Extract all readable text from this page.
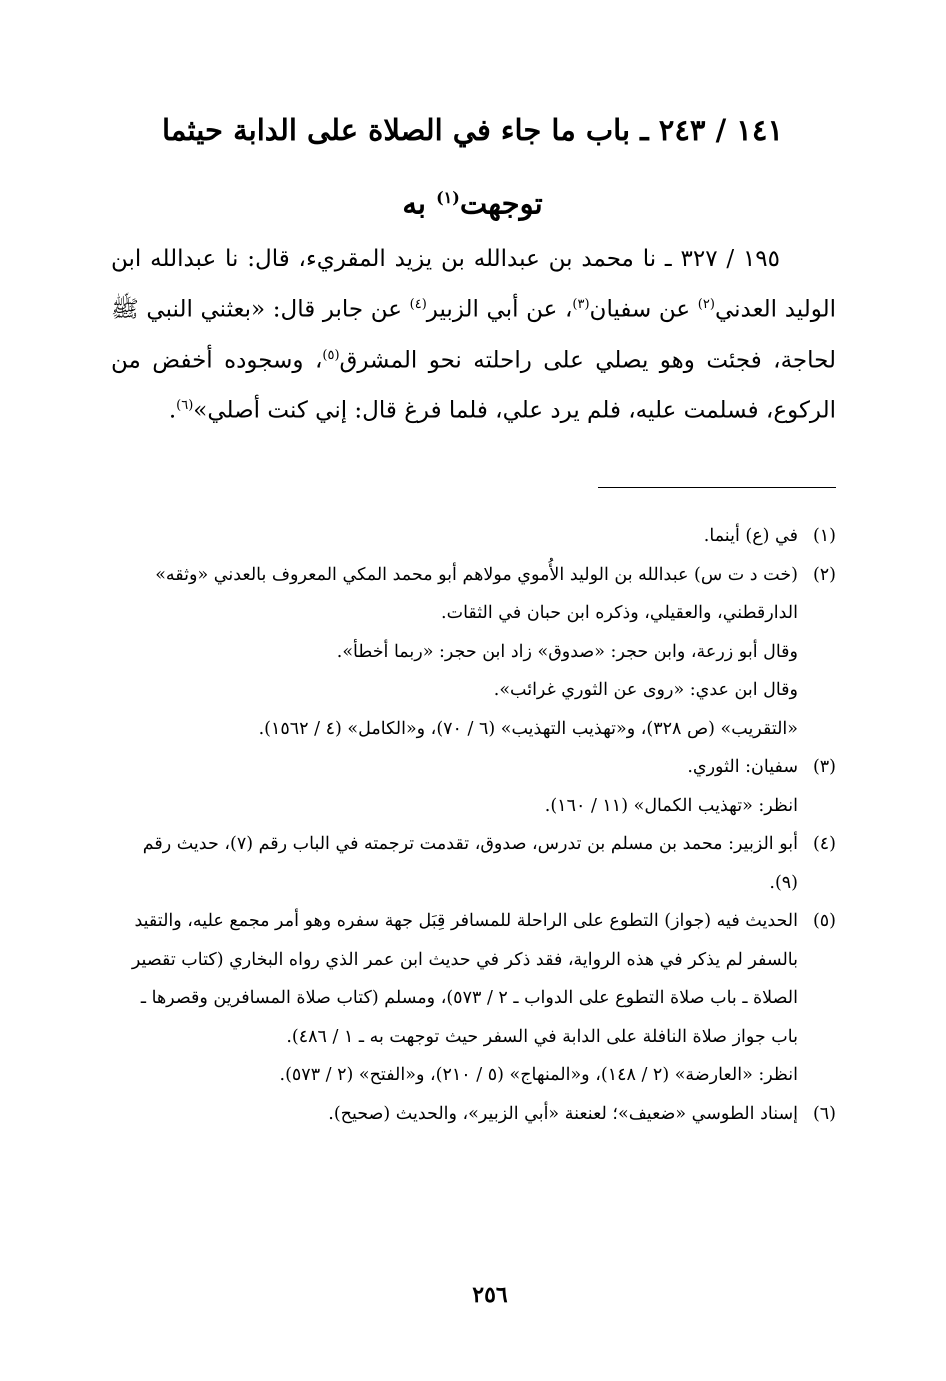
١٤١ / ٢٤٣ ـ باب ما جاء في الصلاة على الدابة حيثما
توجهت$^{(١)}$ به

١٩٥ / ٣٢٧ ـ نا محمد بن عبدالله بن يزيد المقريء، قال: نا عبدالله ابن الوليد العدني$^{(٢)}$ عن سفيان$^{(٣)}$، عن أبي الزبير$^{(٤)}$ عن جابر قال: «بعثني النبي ﷺ لحاجة، فجئت وهو يصلي على راحلته نحو المشرق$^{(٥)}$، وسجوده أخفض من الركوع، فسلمت عليه، فلم يرد علي، فلما فرغ قال: إني كنت أصلي»$^{(٦)}$.

(١)
في (ع) أينما.
(٢)
(خت د ت س) عبدالله بن الوليد الأُموي مولاهم أبو محمد المكي المعروف بالعدني «وثقه» الدارقطني، والعقيلي، وذكره ابن حبان في الثقات.
وقال أبو زرعة، وابن حجر: «صدوق» زاد ابن حجر: «ربما أخطأ».
وقال ابن عدي: «روى عن الثوري غرائب».
«التقريب» (ص ٣٢٨)، و«تهذيب التهذيب» (٦ / ٧٠)، و«الكامل» (٤ / ١٥٦٢).
(٣)
سفيان: الثوري.
انظر: «تهذيب الكمال» (١١ / ١٦٠).
(٤)
أبو الزبير: محمد بن مسلم بن تدرس، صدوق، تقدمت ترجمته في الباب رقم (٧)، حديث رقم (٩).
(٥)
الحديث فيه (جواز) التطوع على الراحلة للمسافر قِبَل جهة سفره وهو أمر مجمع عليه، والتقيد بالسفر لم يذكر في هذه الرواية، فقد ذكر في حديث ابن عمر الذي رواه البخاري (كتاب تقصير الصلاة ـ باب صلاة التطوع على الدواب ـ ٢ / ٥٧٣)، ومسلم (كتاب صلاة المسافرين وقصرها ـ باب جواز صلاة النافلة على الدابة في السفر حيث توجهت به ـ ١ / ٤٨٦).
انظر: «العارضة» (٢ / ١٤٨)، و«المنهاج» (٥ / ٢١٠)، و«الفتح» (٢ / ٥٧٣).
(٦)
إسناد الطوسي «ضعيف»؛ لعنعنة «أبي الزبير»، والحديث (صحيح).
٢٥٦
